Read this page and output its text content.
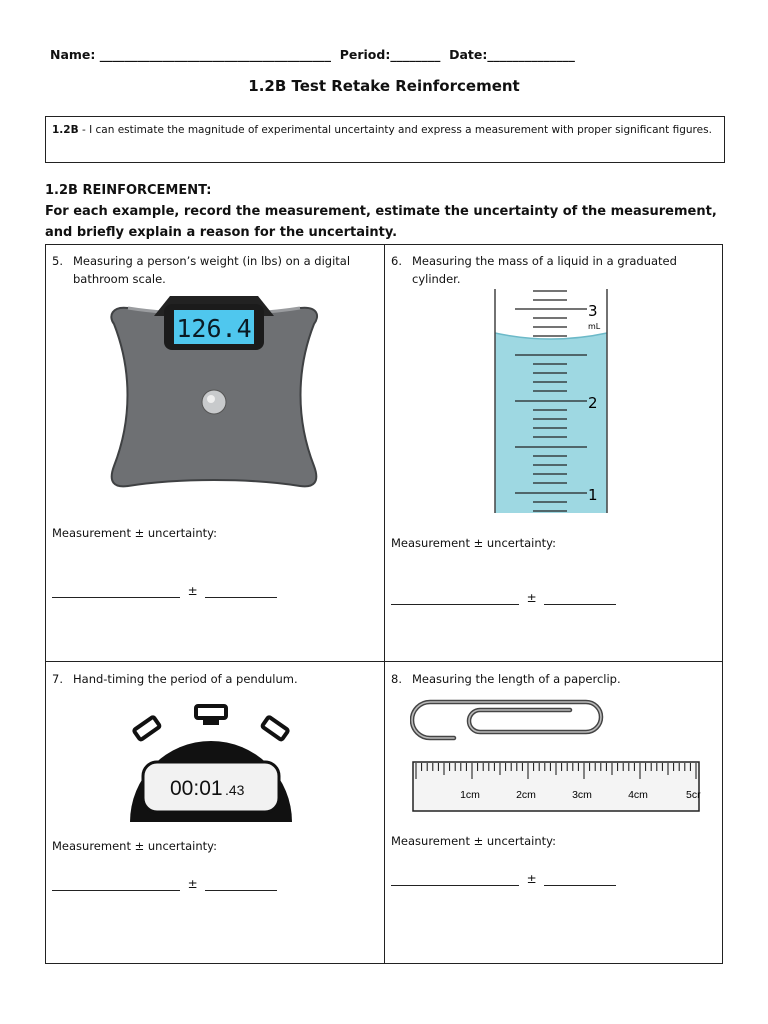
Name: _____________________________________ Period:________ Date:______________
1.2B Test Retake Reinforcement
1.2B - I can estimate the magnitude of experimental uncertainty and express a measurement with proper significant figures.
1.2B REINFORCEMENT:
For each example, record the measurement, estimate the uncertainty of the measurement, and briefly explain a reason for the uncertainty.
5. Measuring a person’s weight (in lbs) on a digital bathroom scale.
126.4
Measurement ± uncertainty:
±
6. Measuring the mass of a liquid in a graduated cylinder.
3
mL
2
1
Measurement ± uncertainty:
±
7. Hand-timing the period of a pendulum.
00:01 .43
Measurement ± uncertainty:
±
8. Measuring the length of a paperclip.
1cm	2cm	3cm	4cm	5cr
Measurement ± uncertainty:
±
